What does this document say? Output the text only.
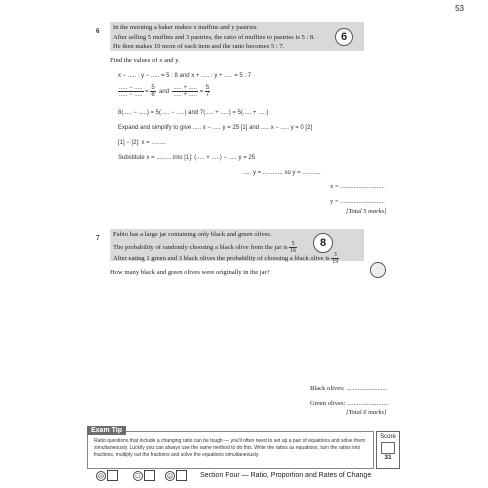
53
6 In the morning a baker makes x muffins and y pastries.
After selling 5 muffins and 3 pastries, the ratio of muffins to pastries is 5 : 8.
He then makes 10 more of each item and the ratio becomes 5 : 7.
6
Find the values of x and y.
x − ..... : y − ..... = 5 : 8 and x + ..... : y + ..... = 5 : 7
$\frac{..... - .....}{..... - .....} = \frac{5}{8}$ and $\frac{..... + .....}{..... + .....} = \frac{5}{7}$
8(..... − .....) = 5(..... − .....) and 7(..... + .....) = 5(..... + .....)
Expand and simplify to give ..... x − ..... y = 25 [1] and ..... x − ..... y = 0 [2]
[1] − [2]: x = .........
Substitute x = ......... into [1]: (..... × .....) − ..... y = 25
..... y = ..........., so y = ...........
x = ...........................
y = ...........................
[Total 5 marks]
7 Fabio has a large jar containing only black and green olives.
The probability of randomly choosing a black olive from the jar is $\frac{5}{16}$
After eating 1 green and 3 black olives the probability of choosing a black olive is $\frac{3}{19}$
8
How many black and green olives were originally in the jar?
Black olives: .........................
Green olives: .........................
[Total 6 marks]
Exam Tip
Ratio questions that include a changing ratio can be tough — you'll often need to set up a pair of equations and solve them simultaneously. Luckily you can always use the same method to do this. Write the ratios as equations, turn the ratios into fractions, multiply out the fractions and solve the equations simultaneously.
Score
31
☹	☐	☺	Section Four — Ratio, Proportion and Rates of Change
